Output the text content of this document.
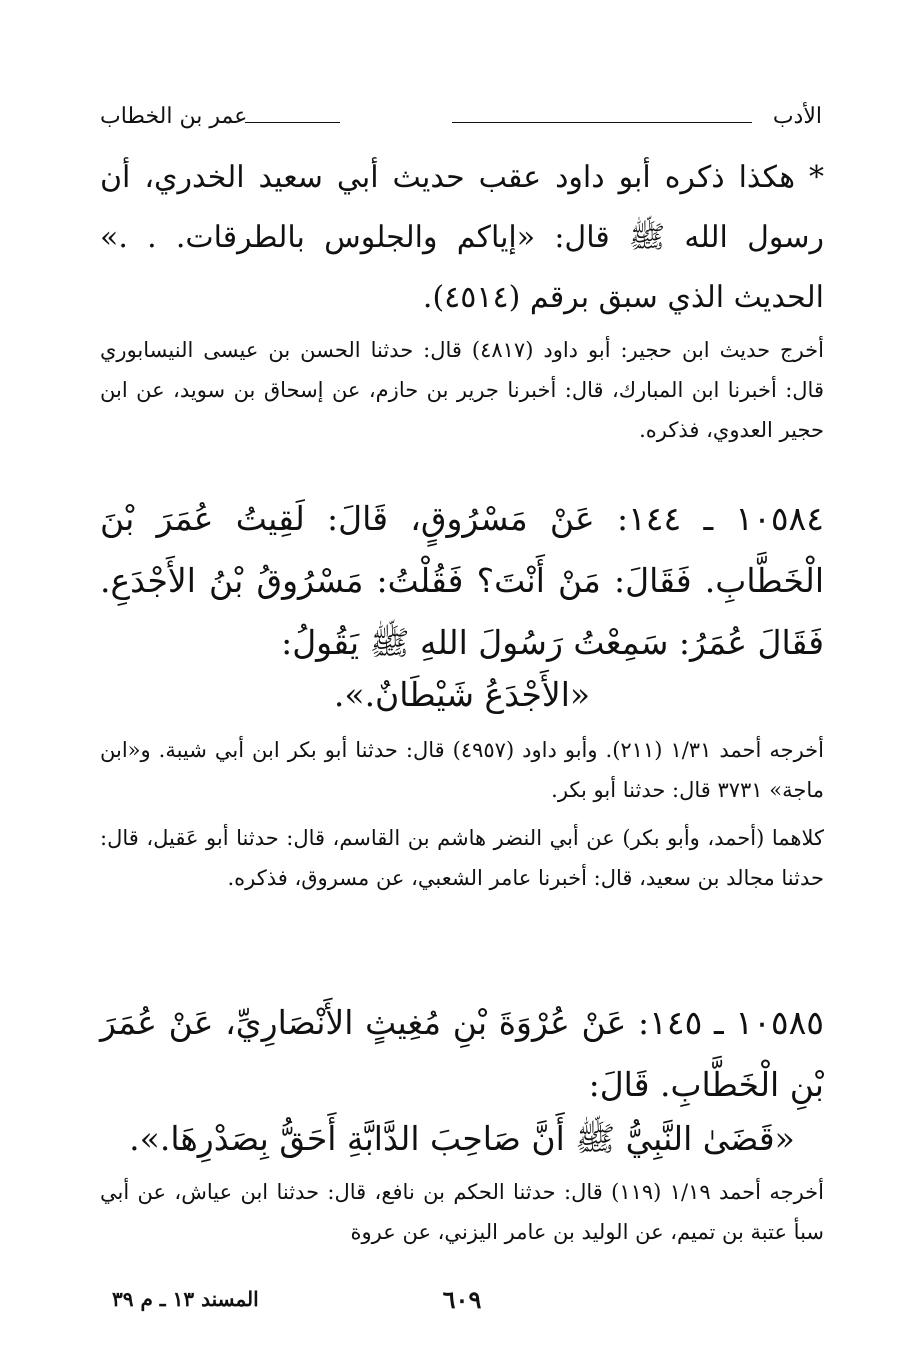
الأدب
عمر بن الخطاب

* هكذا ذكره أبو داود عقب حديث أبي سعيد الخدري، أن رسول الله ﷺ قال: «إياكم والجلوس بالطرقات. . .» الحديث الذي سبق برقم (٤٥١٤).

أخرج حديث ابن حجير: أبو داود (٤٨١٧) قال: حدثنا الحسن بن عيسى النيسابوري قال: أخبرنا ابن المبارك، قال: أخبرنا جرير بن حازم، عن إسحاق بن سويد، عن ابن حجير العدوي، فذكره.

١٠٥٨٤ ـ ١٤٤: عَنْ مَسْرُوقٍ، قَالَ: لَقِيتُ عُمَرَ بْنَ الْخَطَّابِ. فَقَالَ: مَنْ أَنْتَ؟ فَقُلْتُ: مَسْرُوقُ بْنُ الأَجْدَعِ. فَقَالَ عُمَرُ: سَمِعْتُ رَسُولَ اللهِ ﷺ يَقُولُ:

«الأَجْدَعُ شَيْطَانٌ.».

أخرجه أحمد ١/٣١ (٢١١). وأبو داود (٤٩٥٧) قال: حدثنا أبو بكر ابن أبي شيبة. و«ابن ماجة» ٣٧٣١ قال: حدثنا أبو بكر.

كلاهما (أحمد، وأبو بكر) عن أبي النضر هاشم بن القاسم، قال: حدثنا أبو عَقيل، قال: حدثنا مجالد بن سعيد، قال: أخبرنا عامر الشعبي، عن مسروق، فذكره.

١٠٥٨٥ ـ ١٤٥: عَنْ عُرْوَةَ بْنِ مُغِيثٍ الأَنْصَارِيِّ، عَنْ عُمَرَ بْنِ الْخَطَّابِ. قَالَ:

«قَضَىٰ النَّبِيُّ ﷺ أَنَّ صَاحِبَ الدَّابَّةِ أَحَقُّ بِصَدْرِهَا.».

أخرجه أحمد ١/١٩ (١١٩) قال: حدثنا الحكم بن نافع، قال: حدثنا ابن عياش، عن أبي سبأ عتبة بن تميم، عن الوليد بن عامر اليزني، عن عروة

٦٠٩
المسند ١٣ ـ م ٣٩
